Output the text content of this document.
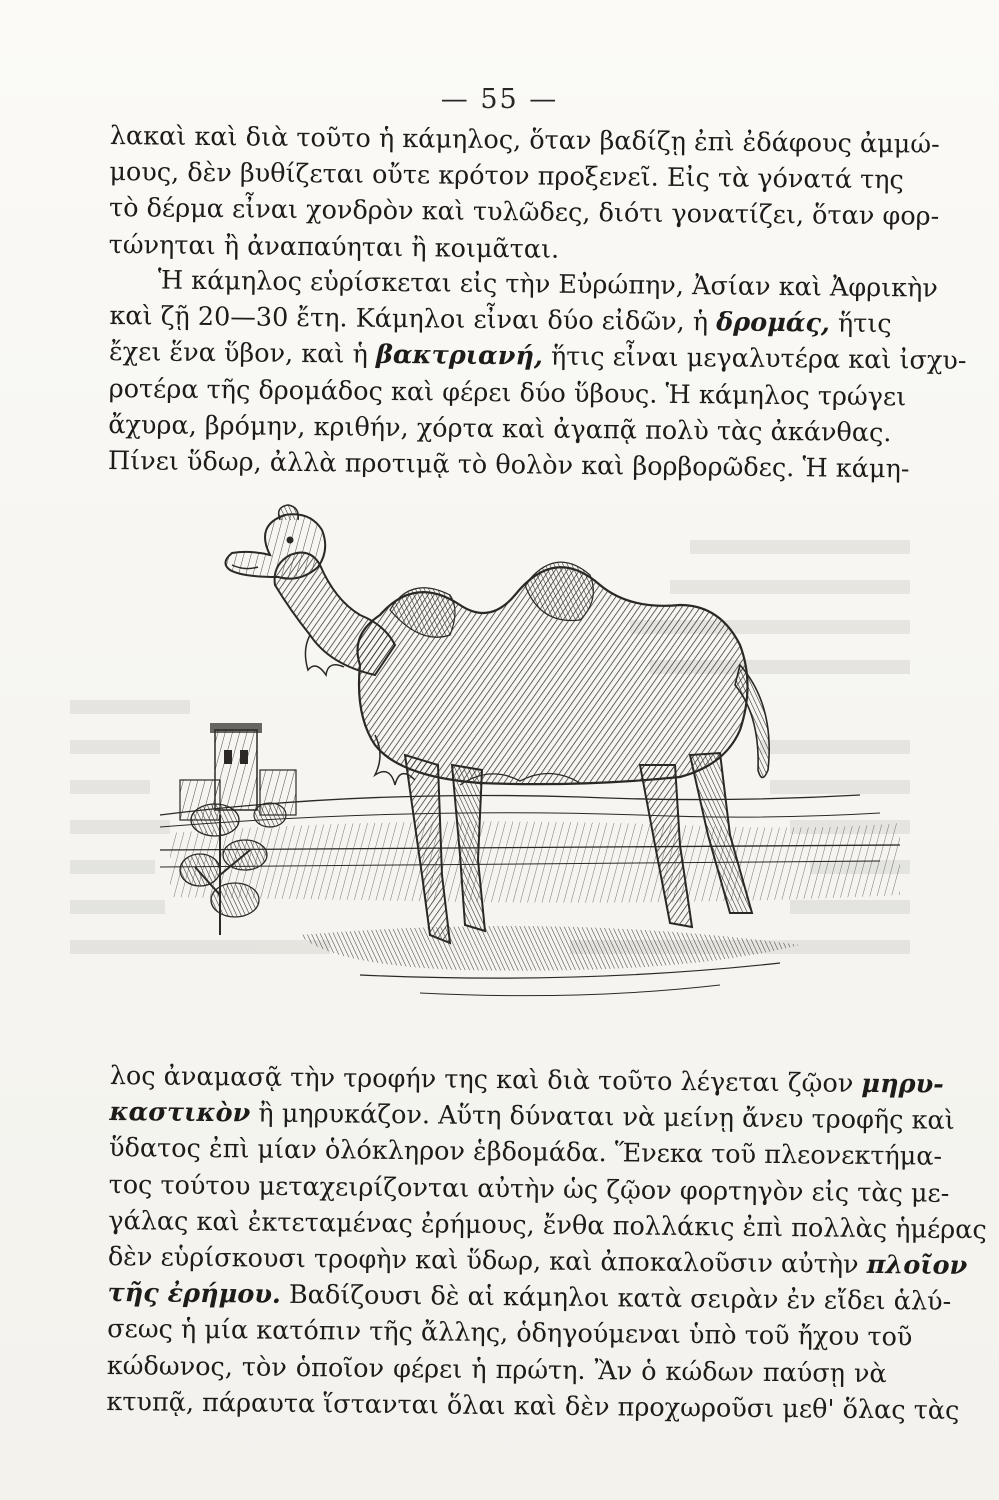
— 55 —
λακαὶ καὶ διὰ τοῦτο ἡ κάμηλος, ὅταν βαδίζῃ ἐπὶ ἐδάφους ἀμμώ-
μους, δὲν βυθίζεται οὔτε κρότον προξενεῖ. Εἰς τὰ γόνατά της
τὸ δέρμα εἶναι χονδρὸν καὶ τυλῶδες, διότι γονατίζει, ὅταν φορ-
τώνηται ἢ ἀναπαύηται ἢ κοιμᾶται.
Ἡ κάμηλος εὑρίσκεται εἰς τὴν Εὐρώπην, Ἀσίαν καὶ Ἀφρικὴν
καὶ ζῇ 20—30 ἔτη. Κάμηλοι εἶναι δύο εἰδῶν, ἡ δρομάς, ἥτις
ἔχει ἕνα ὕβον, καὶ ἡ βακτριανή, ἥτις εἶναι μεγαλυτέρα καὶ ἰσχυ-
ροτέρα τῆς δρομάδος καὶ φέρει δύο ὕβους. Ἡ κάμηλος τρώγει
ἄχυρα, βρόμην, κριθήν, χόρτα καὶ ἀγαπᾷ πολὺ τὰς ἀκάνθας.
Πίνει ὕδωρ, ἀλλὰ προτιμᾷ τὸ θολὸν καὶ βορβορῶδες. Ἡ κάμη-
λος ἀναμασᾷ τὴν τροφήν της καὶ διὰ τοῦτο λέγεται ζῷον μηρυ-
καστικὸν ἢ μηρυκάζον. Αὕτη δύναται νὰ μείνῃ ἄνευ τροφῆς καὶ
ὕδατος ἐπὶ μίαν ὁλόκληρον ἑβδομάδα. Ἕνεκα τοῦ πλεονεκτήμα-
τος τούτου μεταχειρίζονται αὐτὴν ὡς ζῷον φορτηγὸν εἰς τὰς με-
γάλας καὶ ἐκτεταμένας ἐρήμους, ἔνθα πολλάκις ἐπὶ πολλὰς ἡμέρας
δὲν εὑρίσκουσι τροφὴν καὶ ὕδωρ, καὶ ἀποκαλοῦσιν αὐτὴν πλοῖον
τῆς ἐρήμου. Βαδίζουσι δὲ αἱ κάμηλοι κατὰ σειρὰν ἐν εἴδει ἁλύ-
σεως ἡ μία κατόπιν τῆς ἄλλης, ὁδηγούμεναι ὑπὸ τοῦ ἤχου τοῦ
κώδωνος, τὸν ὁποῖον φέρει ἡ πρώτη. Ἂν ὁ κώδων παύσῃ νὰ
κτυπᾷ, πάραυτα ἵστανται ὅλαι καὶ δὲν προχωροῦσι μεθ' ὅλας τὰς
